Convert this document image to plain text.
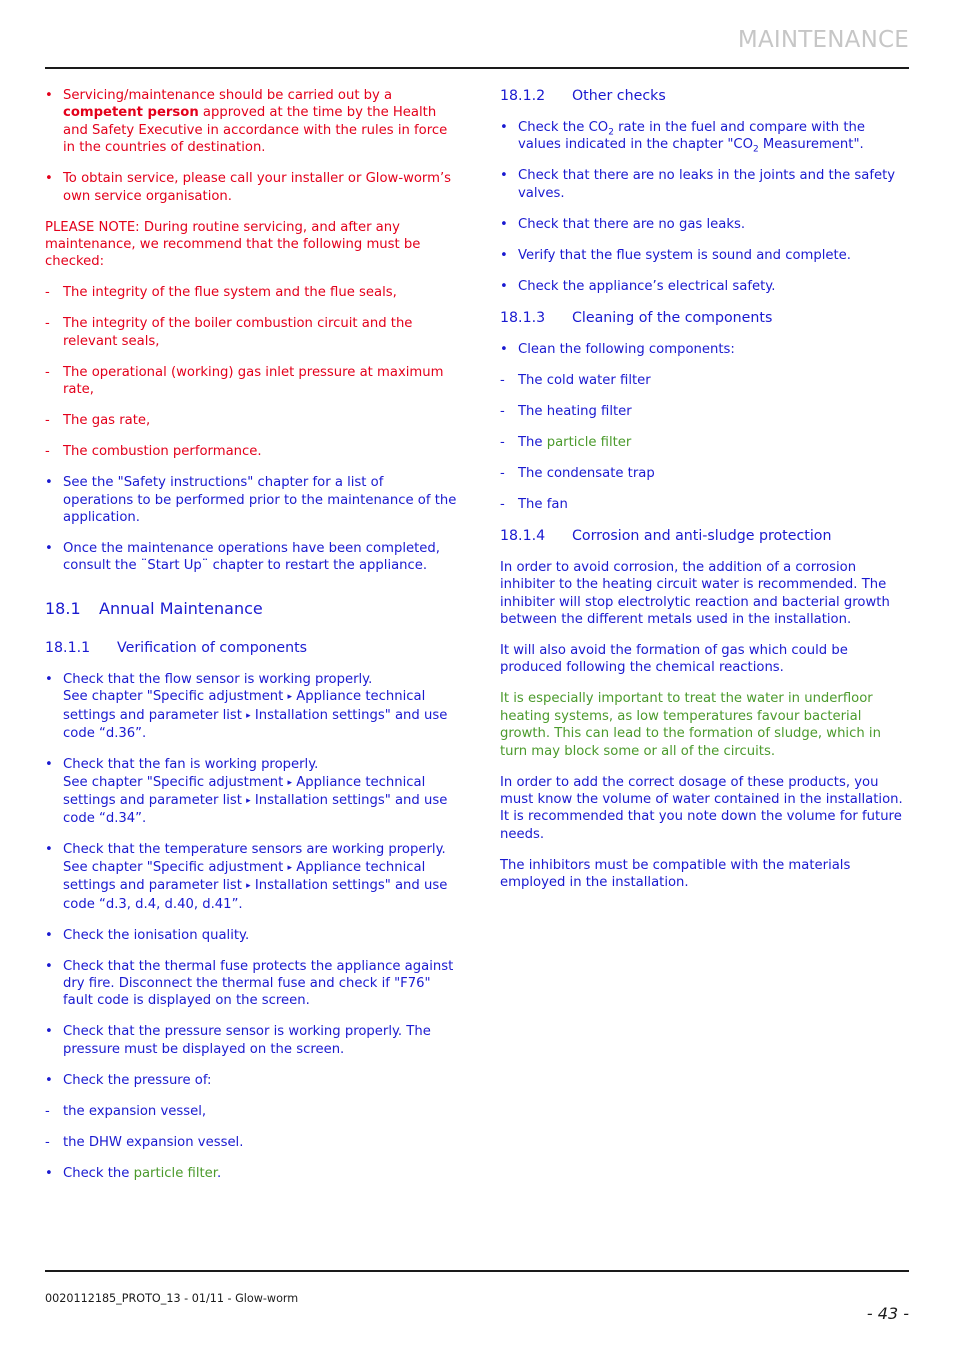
MAINTENANCE
• Servicing/maintenance should be carried out by a competent person approved at the time by the Health and Safety Executive in accordance with the rules in force in the countries of destination.
• To obtain service, please call your installer or Glow-worm’s own service organisation.
PLEASE NOTE: During routine servicing, and after any maintenance, we recommend that the following must be checked:
- The integrity of the flue system and the flue seals,
- The integrity of the boiler combustion circuit and the relevant seals,
- The operational (working) gas inlet pressure at maximum rate,
- The gas rate,
- The combustion performance.
• See the "Safety instructions" chapter for a list of operations to be performed prior to the maintenance of the application.
• Once the maintenance operations have been completed, consult the ¨Start Up¨ chapter to restart the appliance.
18.1 Annual Maintenance
18.1.1 Verification of components
• Check that the flow sensor is working properly.
See chapter "Specific adjustment ▸ Appliance technical settings and parameter list ▸ Installation settings" and use code “d.36”.
• Check that the fan is working properly.
See chapter "Specific adjustment ▸ Appliance technical settings and parameter list ▸ Installation settings" and use code “d.34”.
• Check that the temperature sensors are working properly.
See chapter "Specific adjustment ▸ Appliance technical settings and parameter list ▸ Installation settings" and use code “d.3, d.4, d.40, d.41”.
• Check the ionisation quality.
• Check that the thermal fuse protects the appliance against dry fire. Disconnect the thermal fuse and check if "F76" fault code is displayed on the screen.
• Check that the pressure sensor is working properly. The pressure must be displayed on the screen.
• Check the pressure of:
- the expansion vessel,
- the DHW expansion vessel.
• Check the particle filter.
18.1.2 Other checks
• Check the $CO_2$ rate in the fuel and compare with the values indicated in the chapter "$CO_2$ Measurement".
• Check that there are no leaks in the joints and the safety valves.
• Check that there are no gas leaks.
• Verify that the flue system is sound and complete.
• Check the appliance’s electrical safety.
18.1.3 Cleaning of the components
• Clean the following components:
- The cold water filter
- The heating filter
- The particle filter
- The condensate trap
- The fan
18.1.4 Corrosion and anti-sludge protection
In order to avoid corrosion, the addition of a corrosion inhibiter to the heating circuit water is recommended. The inhibiter will stop electrolytic reaction and bacterial growth between the different metals used in the installation.
It will also avoid the formation of gas which could be produced following the chemical reactions.
It is especially important to treat the water in underfloor heating systems, as low temperatures favour bacterial growth. This can lead to the formation of sludge, which in turn may block some or all of the circuits.
In order to add the correct dosage of these products, you must know the volume of water contained in the installation. It is recommended that you note down the volume for future needs.
The inhibitors must be compatible with the materials employed in the installation.
0020112185_PROTO_13 - 01/11 - Glow-worm
- 43 -
